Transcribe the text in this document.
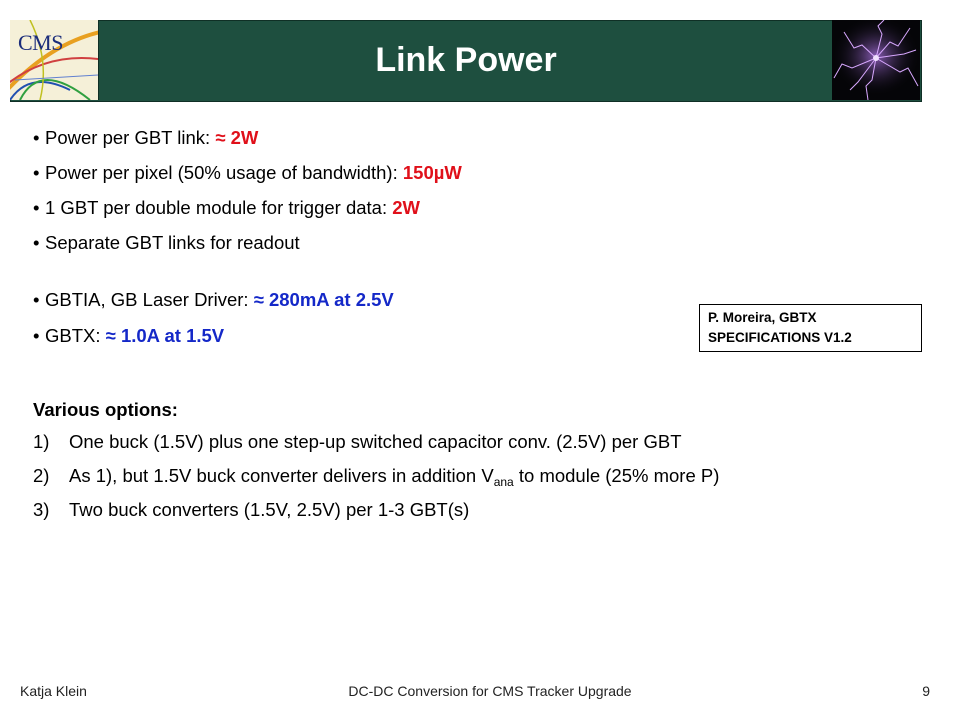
CMS	Link Power
• Power per GBT link: ≈ 2W
• Power per pixel (50% usage of bandwidth): 150µW
• 1 GBT per double module for trigger data: 2W
• Separate GBT links for readout
• GBTIA, GB Laser Driver: ≈ 280mA at 2.5V
• GBTX: ≈ 1.0A at 1.5V
P. Moreira, GBTX
SPECIFICATIONS V1.2
Various options:
1) One buck (1.5V) plus one step-up switched capacitor conv. (2.5V) per GBT
2) As 1), but 1.5V buck converter delivers in addition $V_{ana}$ to module (25% more P)
3) Two buck converters (1.5V, 2.5V) per 1-3 GBT(s)
Katja Klein	DC-DC Conversion for CMS Tracker Upgrade	9
